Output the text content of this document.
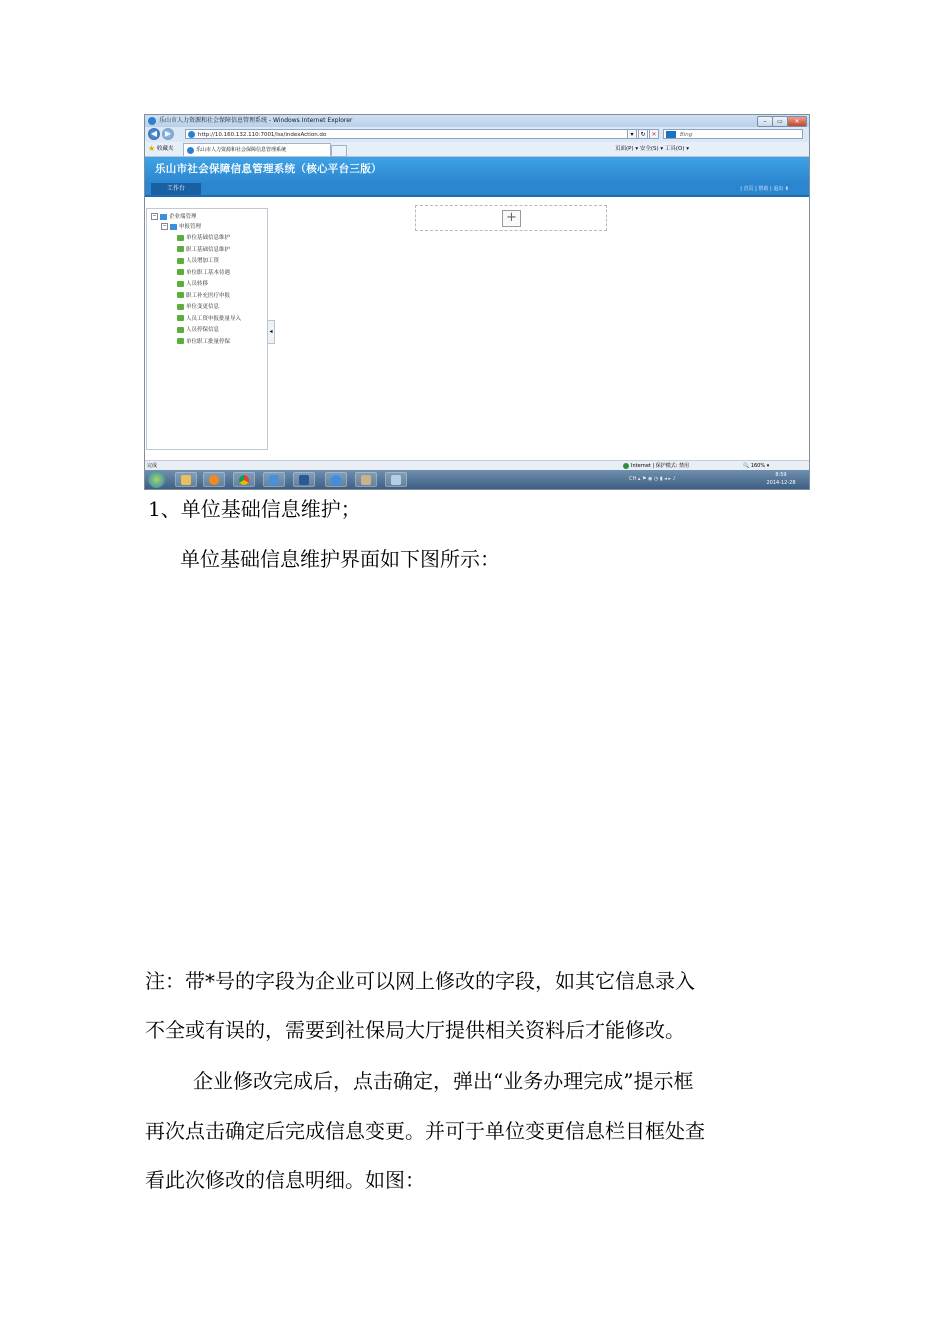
乐山市人力资源和社会保障信息管理系统 - Windows Internet Explorer	–	▭	✕
◀ ▶	http://10.160.132.110:7001/lss/indexAction.do	▾	↻ ✕	Bing
★ 收藏夹	乐山市人力资源和社会保障信息管理系统	页面(P) ▾ 安全(S) ▾ 工具(O) ▾
乐山市社会保障信息管理系统（核心平台三版）
工作台	| 首页 | 帮助 | 退出 ⬆
− 企业端管理
− 申报管理
单位基础信息维护
职工基础信息维护
人员增加工资
单位职工基本待遇
人员转移
职工补充医疗申报
单位变更信息
人员工资申报批量导入
人员停保信息
单位职工批量停保
◂
+
完成	Internet | 保护模式: 禁用	🔍 160% ▾
CH ▴ ⚑ ◉ ◷ ▮ ◂ ▸ ♪
8:59
2014-12-28
1、单位基础信息维护；
单位基础信息维护界面如下图所示：
注：带*号的字段为企业可以网上修改的字段，如其它信息录入
不全或有误的，需要到社保局大厅提供相关资料后才能修改。
企业修改完成后，点击确定，弹出“业务办理完成”提示框
再次点击确定后完成信息变更。并可于单位变更信息栏目框处查
看此次修改的信息明细。如图：
